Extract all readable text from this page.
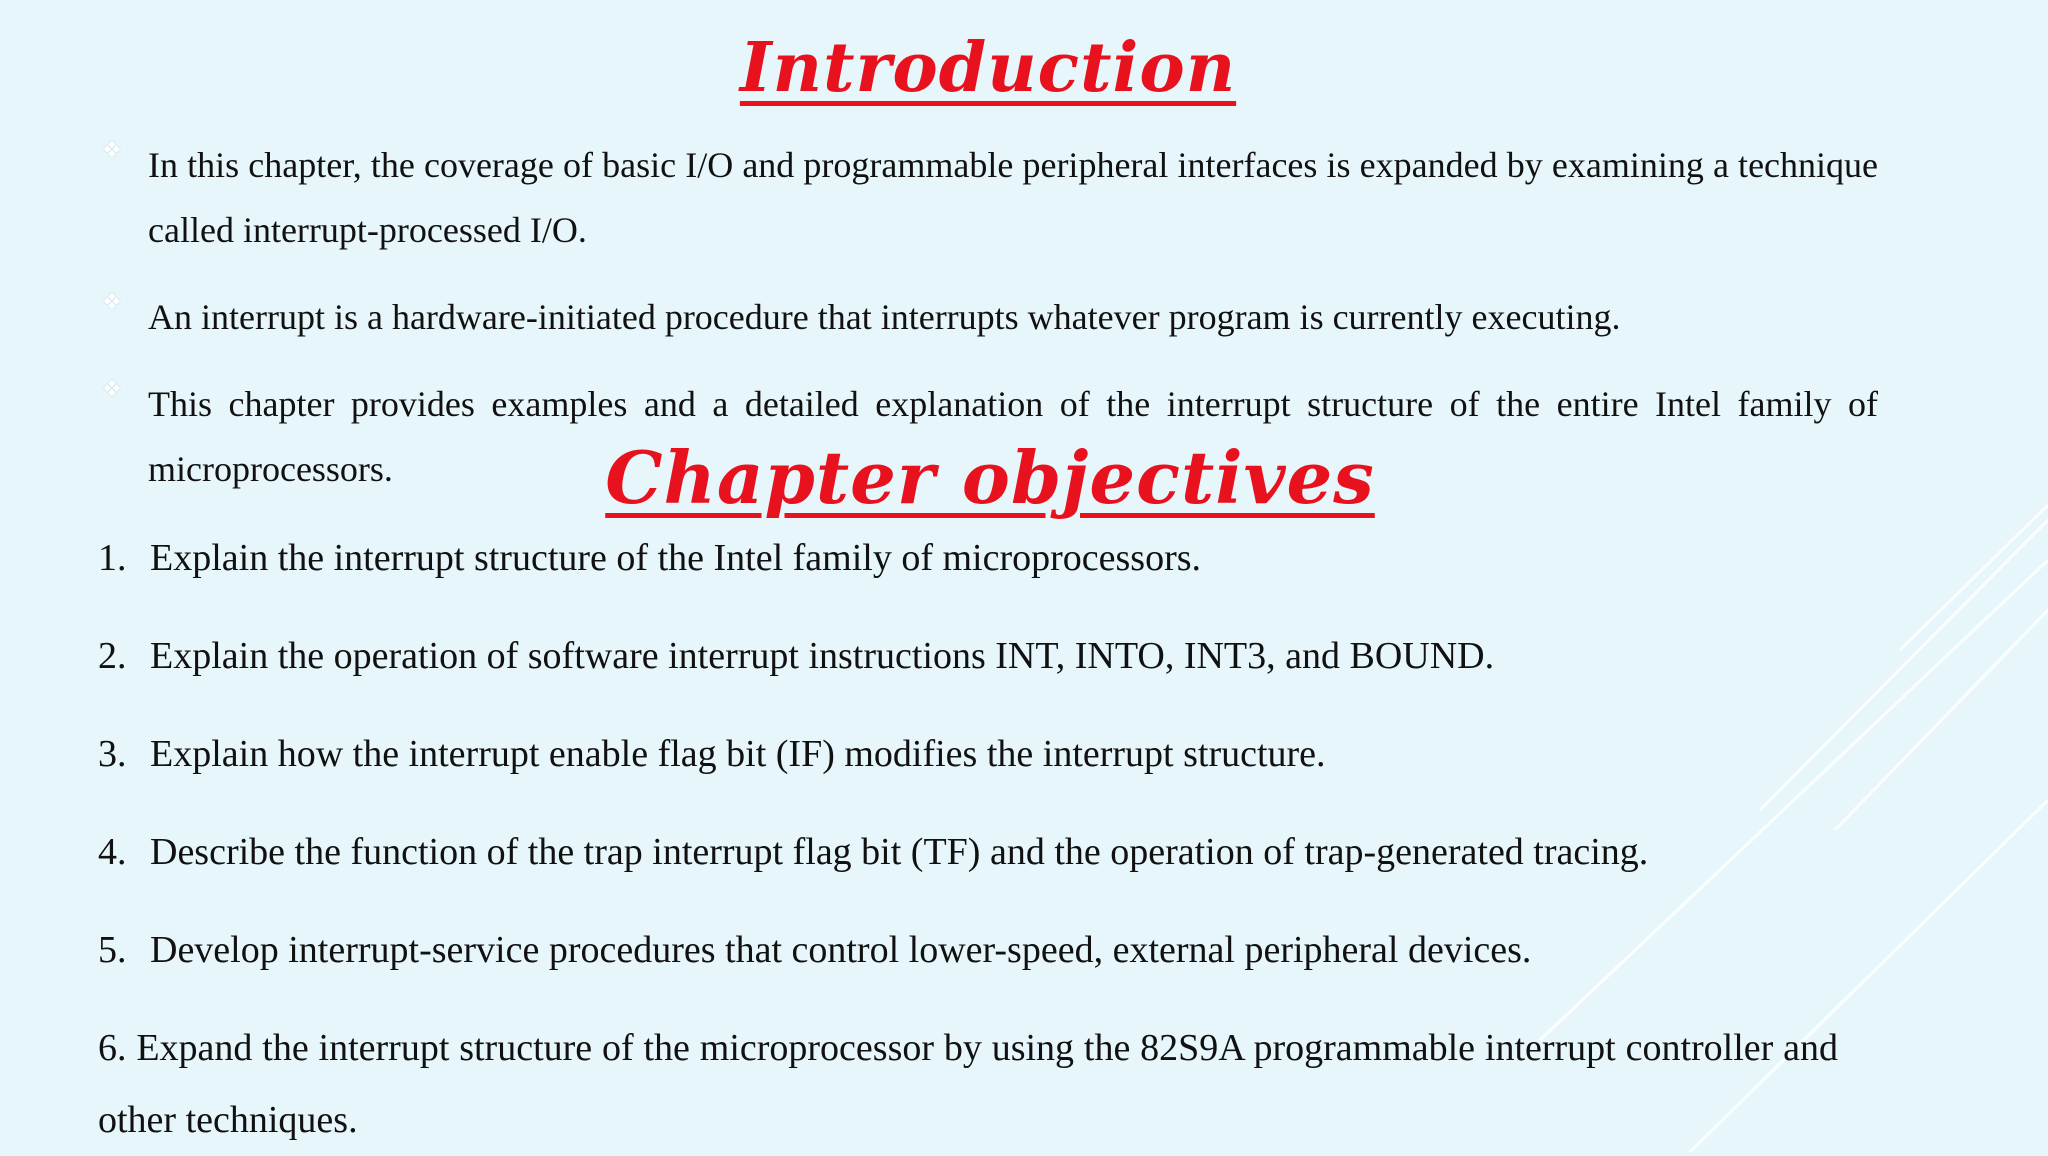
Introduction
❖ In this chapter, the coverage of basic I/O and programmable peripheral interfaces is expanded by examining a technique called interrupt-processed I/O.
❖ An interrupt is a hardware-initiated procedure that interrupts whatever program is currently executing.
❖ This chapter provides examples and a detailed explanation of the interrupt structure of the entire Intel family of microprocessors.	Chapter objectives
1. Explain the interrupt structure of the Intel family of microprocessors.
2. Explain the operation of software interrupt instructions INT, INTO, INT3, and BOUND.
3. Explain how the interrupt enable flag bit (IF) modifies the interrupt structure.
4. Describe the function of the trap interrupt flag bit (TF) and the operation of trap-generated tracing.
5. Develop interrupt-service procedures that control lower-speed, external peripheral devices.
6. Expand the interrupt structure of the microprocessor by using the 82S9A programmable interrupt controller and other techniques.
